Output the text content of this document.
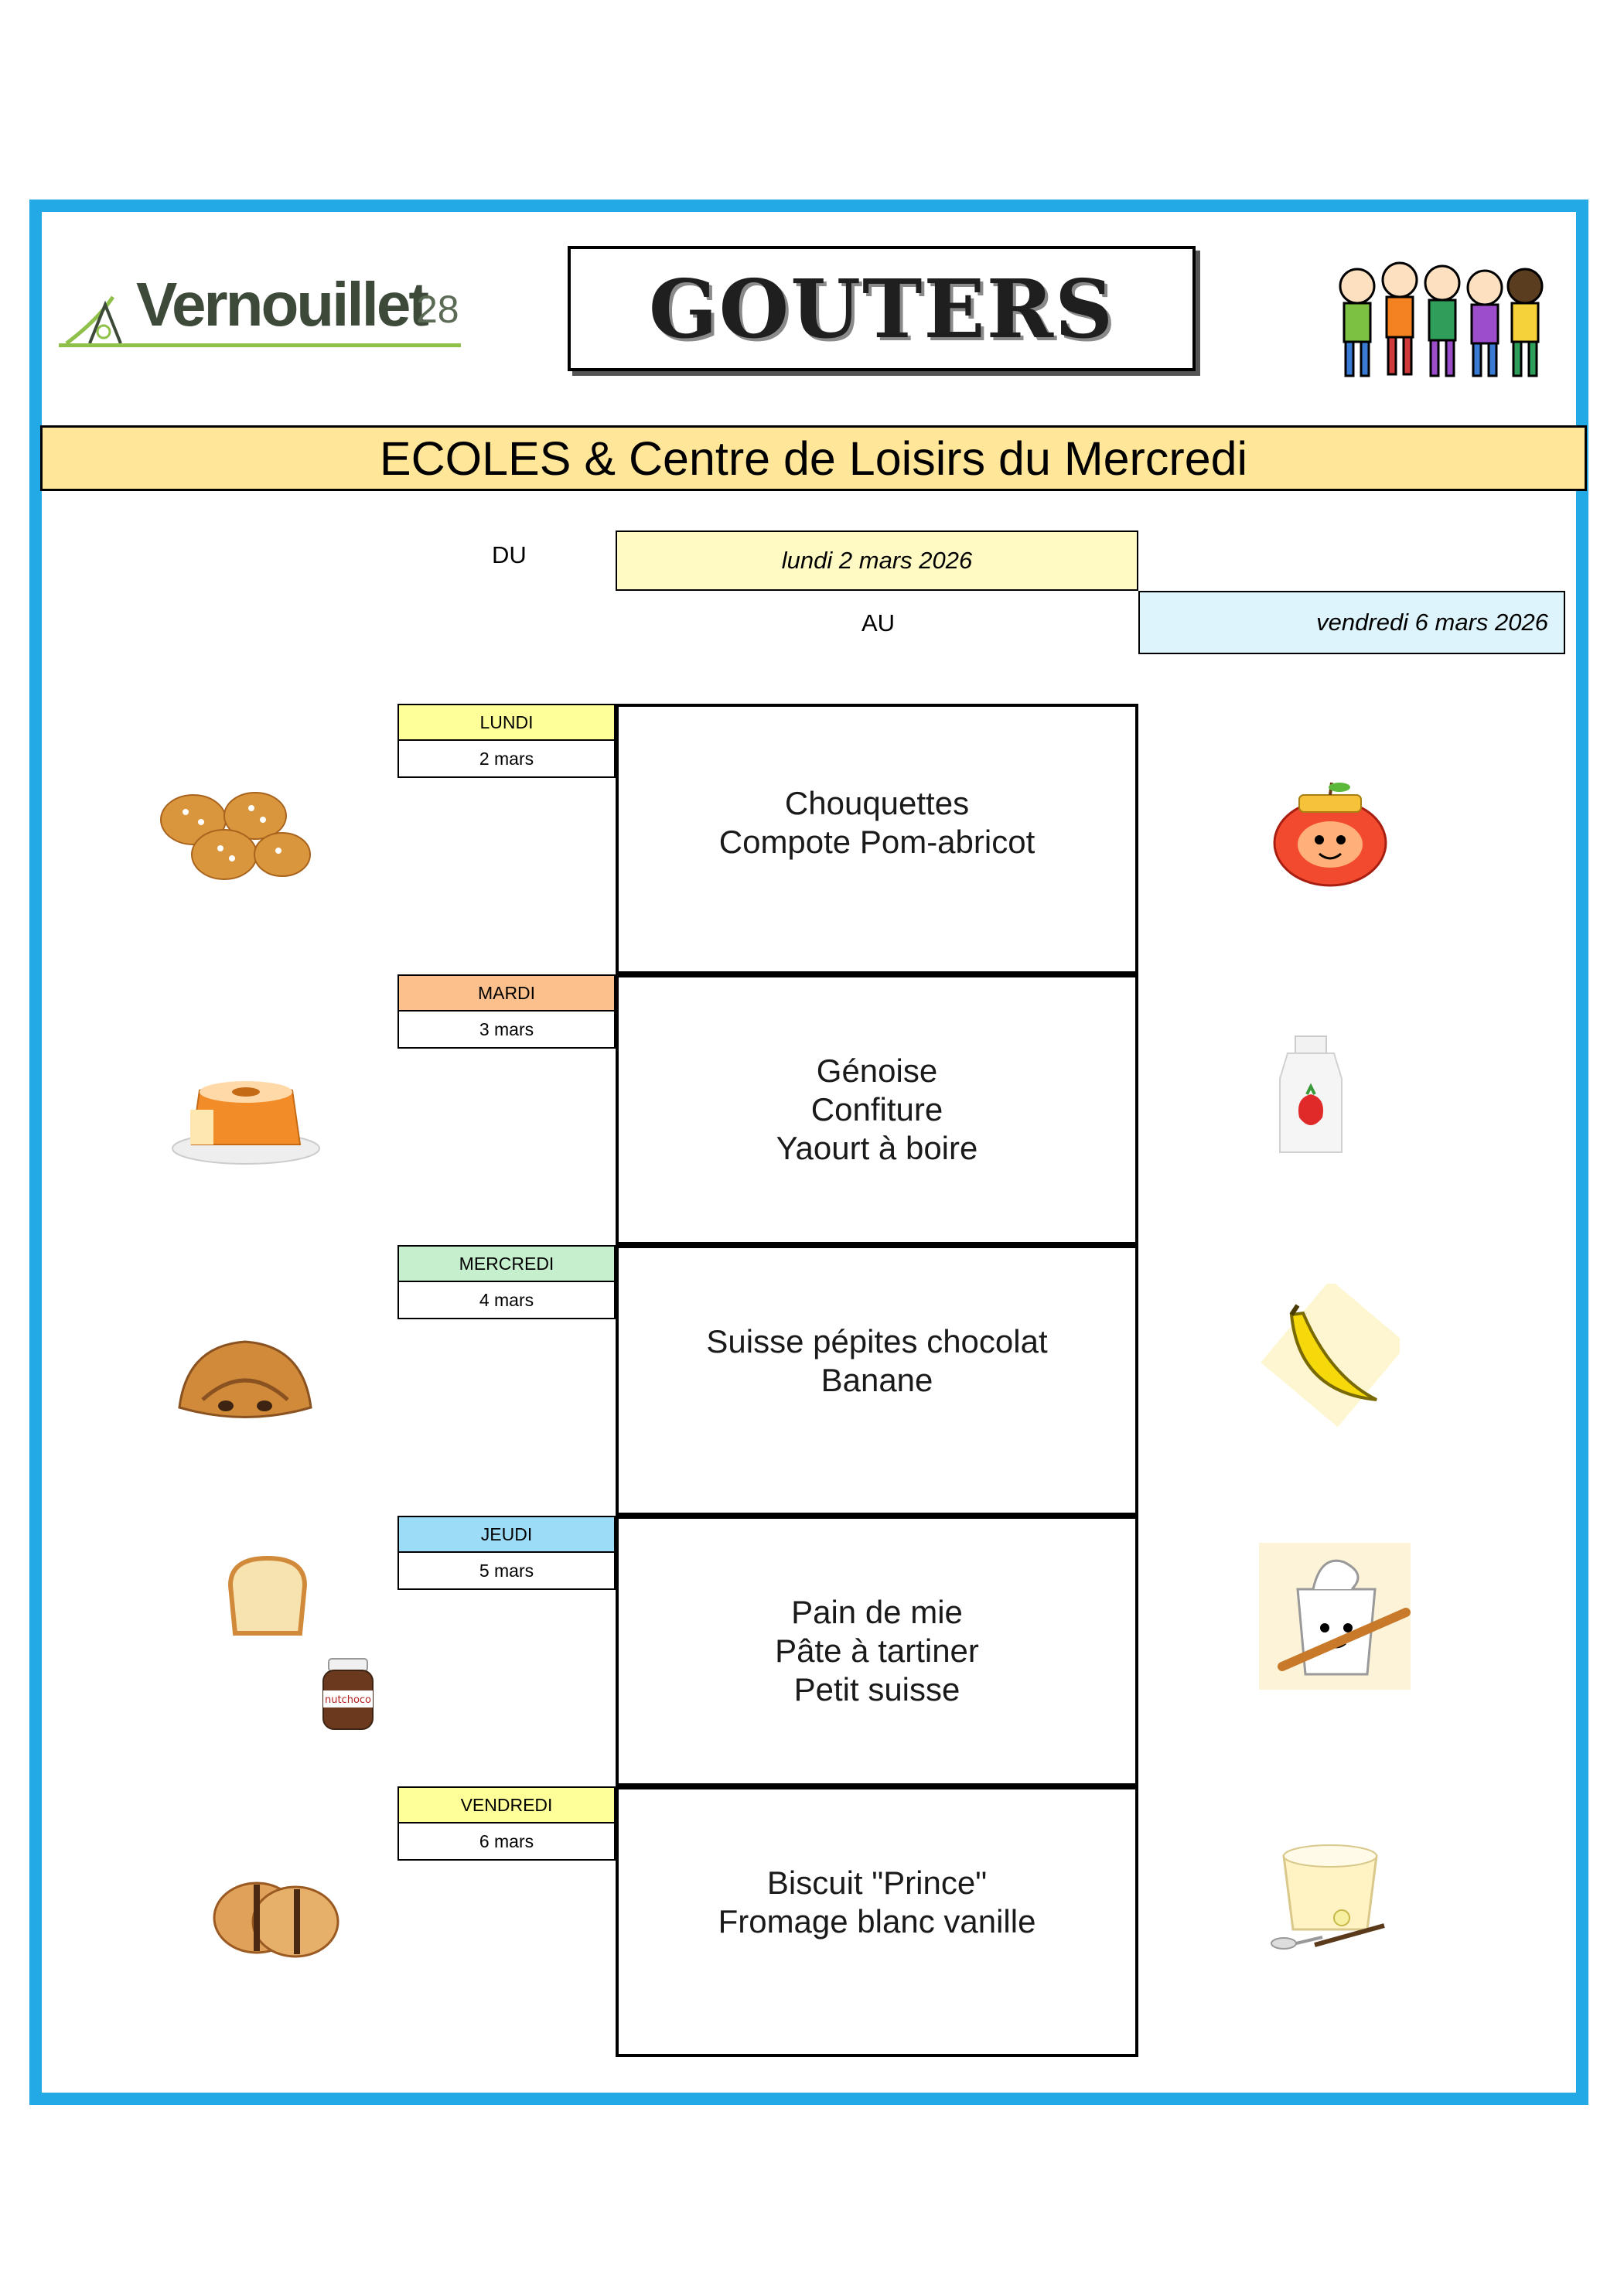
Vernouillet
28 GOUTERS
ECOLES & Centre de Loisirs du Mercredi
DU	lundi 2 mars 2026
AU	vendredi 6 mars 2026
LUNDI
2 mars
Chouquettes
Compote Pom-abricot
MARDI
3 mars
Génoise
Confiture
Yaourt à boire
MERCREDI
4 mars
Suisse pépites chocolat
Banane
JEUDI
5 mars
Pain de mie
Pâte à tartiner
Petit suisse
VENDREDI
6 mars
Biscuit "Prince"
Fromage blanc vanille
nutchoco
